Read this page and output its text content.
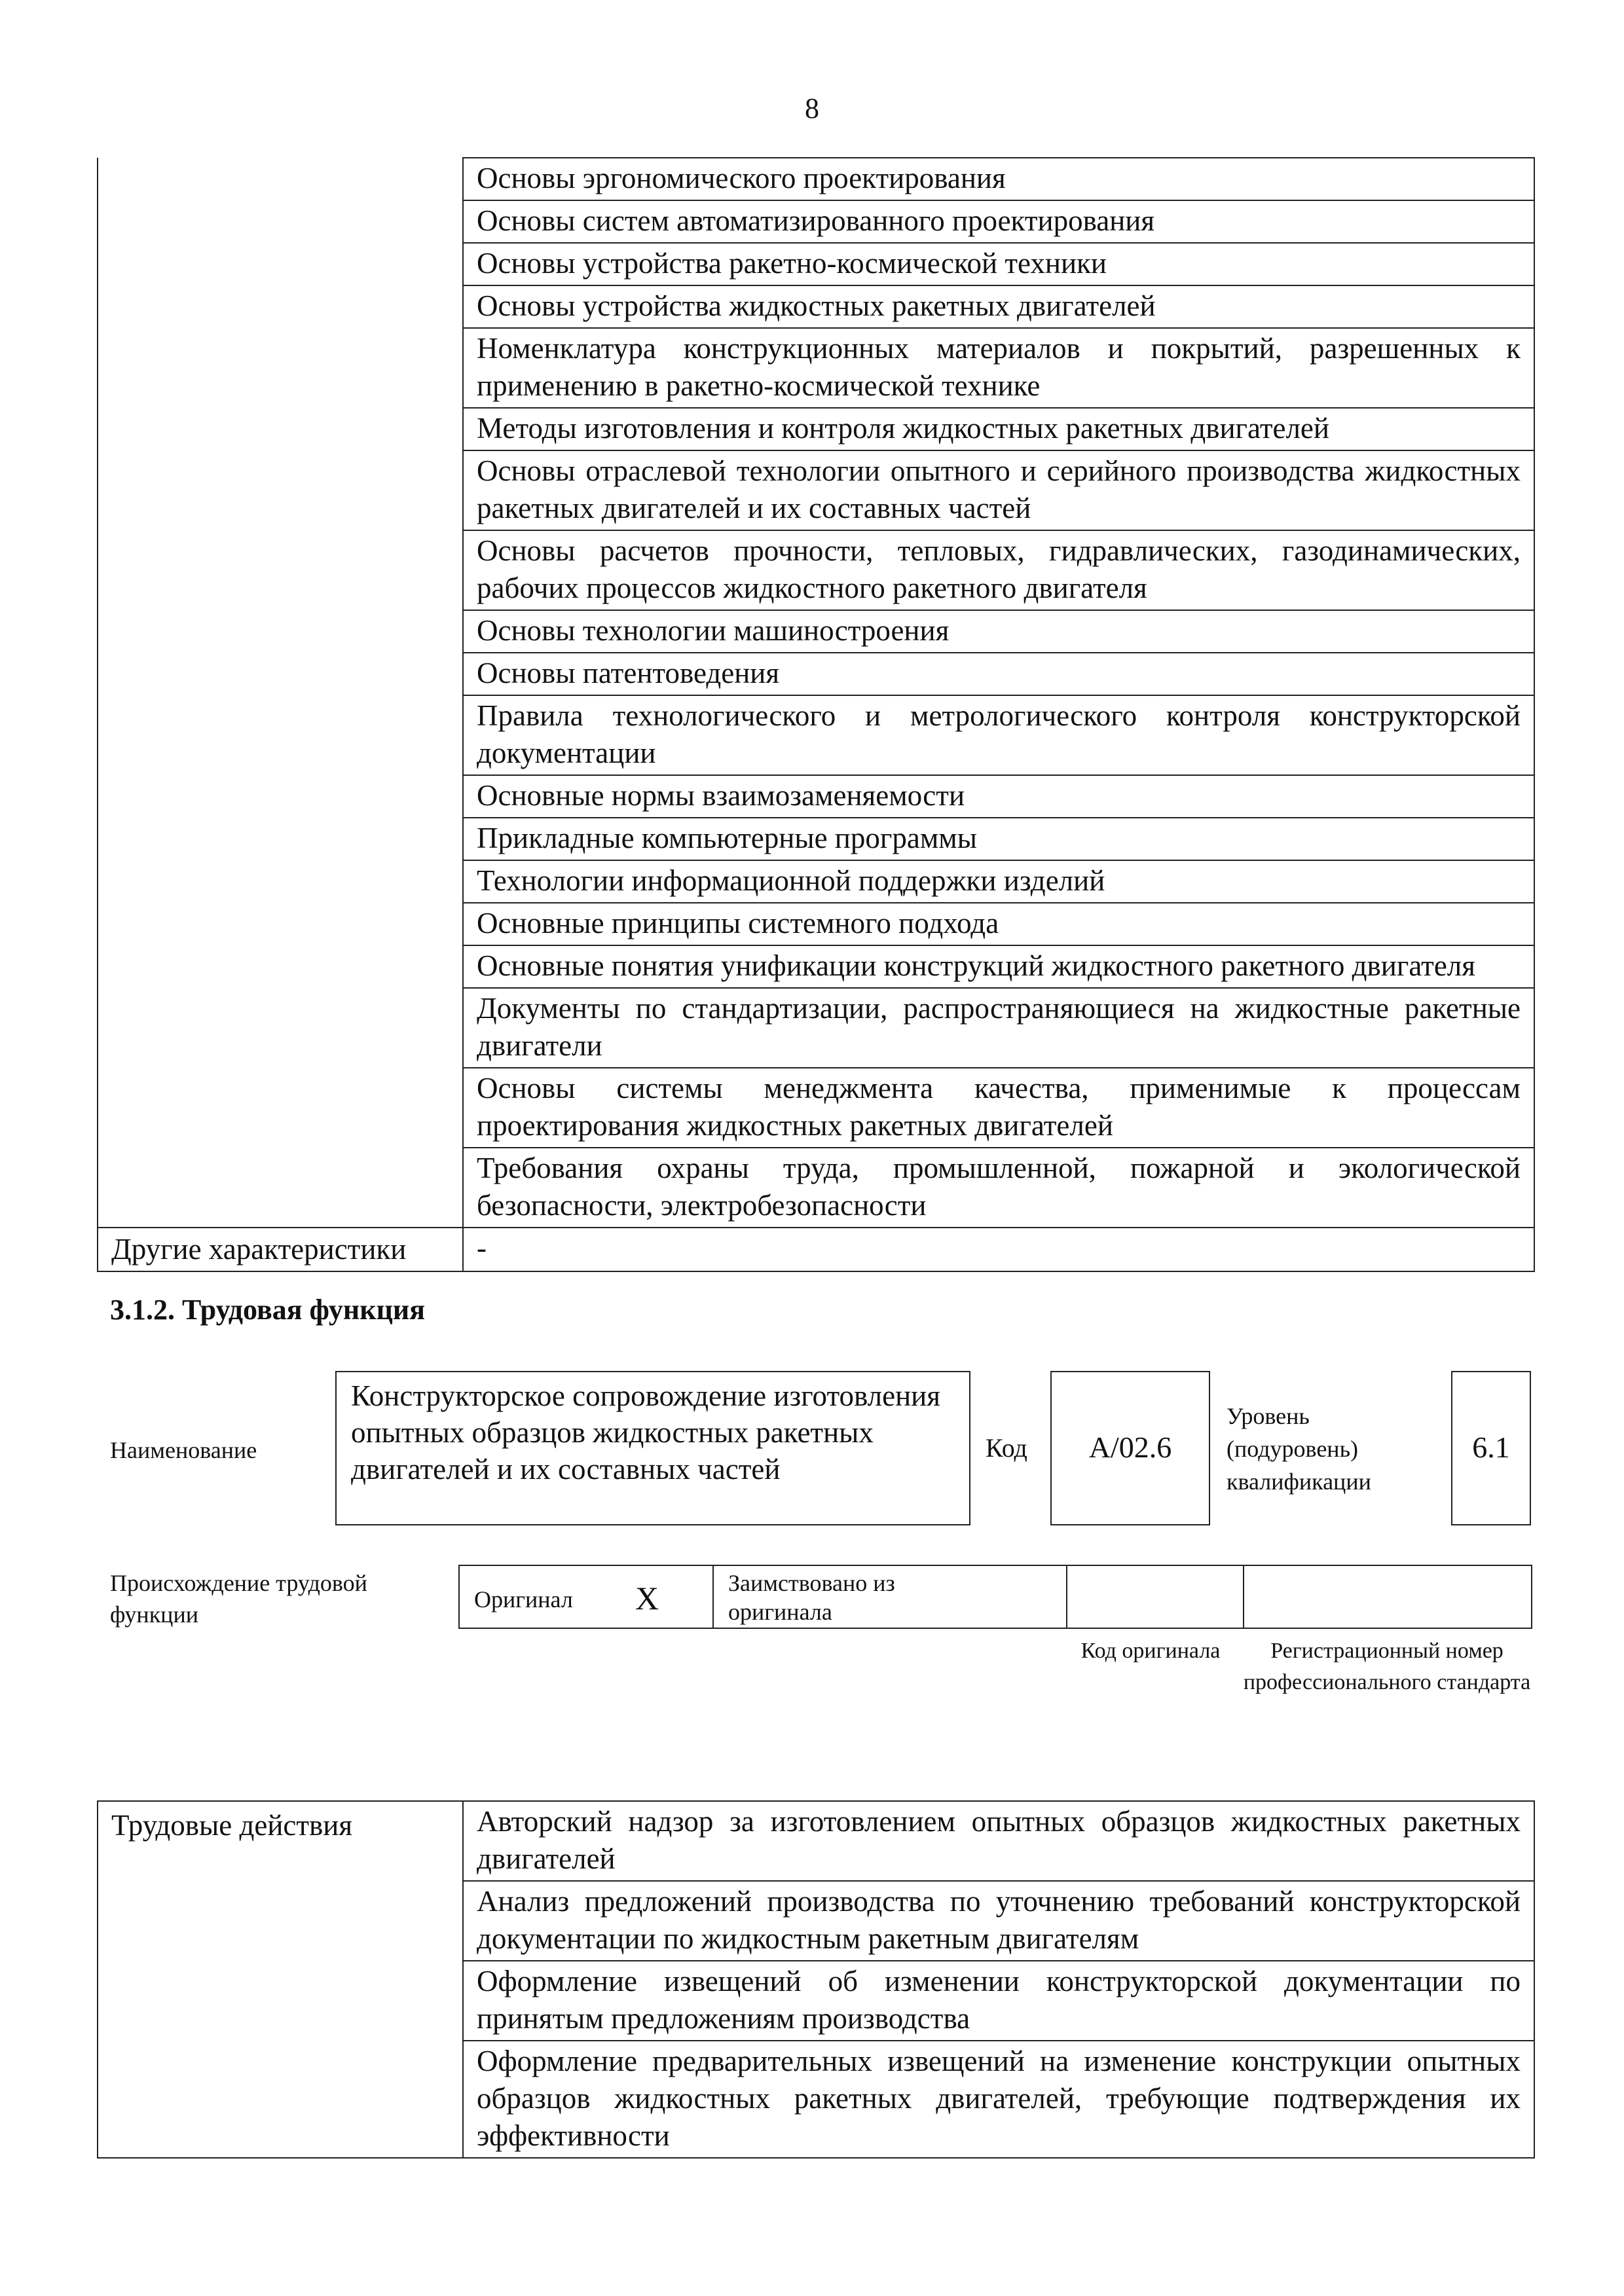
8
	Основы эргономического проектирования
	Основы систем автоматизированного проектирования
	Основы устройства ракетно-космической техники
	Основы устройства жидкостных ракетных двигателей
	Номенклатура конструкционных материалов и покрытий, разрешенных к применению в ракетно-космической технике
	Методы изготовления и контроля жидкостных ракетных двигателей
	Основы отраслевой технологии опытного и серийного производства жидкостных ракетных двигателей и их составных частей
	Основы расчетов прочности, тепловых, гидравлических, газодинамических, рабочих процессов жидкостного ракетного двигателя
	Основы технологии машиностроения
	Основы патентоведения
	Правила технологического и метрологического контроля конструкторской документации
	Основные нормы взаимозаменяемости
	Прикладные компьютерные программы
	Технологии информационной поддержки изделий
	Основные принципы системного подхода
	Основные понятия унификации конструкций жидкостного ракетного двигателя
	Документы по стандартизации, распространяющиеся на жидкостные ракетные двигатели
	Основы системы менеджмента качества, применимые к процессам проектирования жидкостных ракетных двигателей
	Требования охраны труда, промышленной, пожарной и экологической безопасности, электробезопасности
Другие характеристики	-
3.1.2. Трудовая функция
Наименование
Конструкторское сопровождение изготовления опытных образцов жидкостных ракетных двигателей и их составных частей
Код	A/02.6
Уровень (подуровень) квалификации
6.1
Происхождение трудовой функции
Оригинал X	Заимствовано из оригинала
Код оригинала	Регистрационный номер профессионального стандарта
Трудовые действия	Авторский надзор за изготовлением опытных образцов жидкостных ракетных двигателей
Анализ предложений производства по уточнению требований конструкторской документации по жидкостным ракетным двигателям
Оформление извещений об изменении конструкторской документации по принятым предложениям производства
Оформление предварительных извещений на изменение конструкции опытных образцов жидкостных ракетных двигателей, требующие подтверждения их эффективности
